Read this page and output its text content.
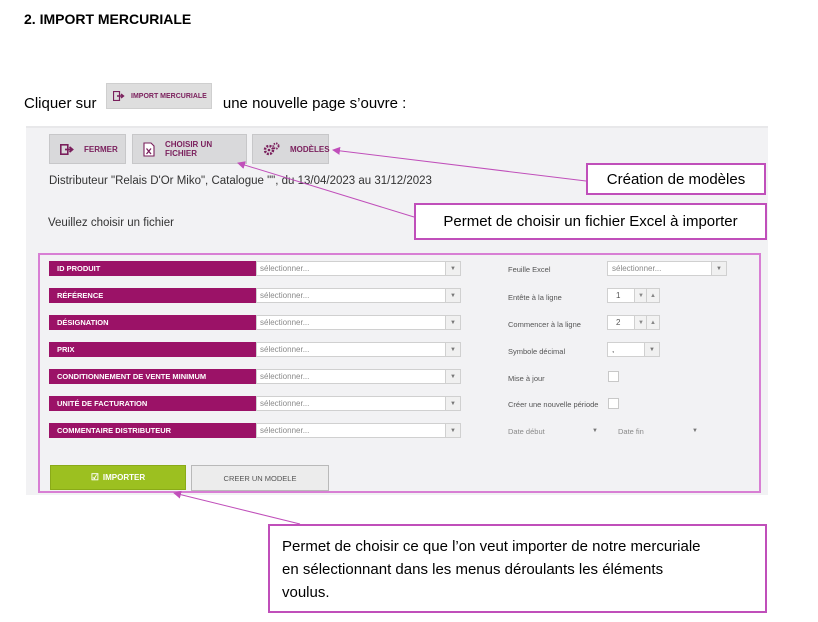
2. IMPORT MERCURIALE
Cliquer sur	une nouvelle page s’ouvre :
IMPORT MERCURIALE
FERMER	CHOISIR UN FICHIER	MODÈLES
Distributeur "Relais D'Or Miko", Catalogue "", du 13/04/2023 au 31/12/2023
Veuillez choisir un fichier
ID PRODUIT	sélectionner...	▼
RÉFÉRENCE	sélectionner...	▼
DÉSIGNATION	sélectionner...	▼
PRIX	sélectionner...	▼
CONDITIONNEMENT DE VENTE MINIMUM	sélectionner...	▼
UNITÉ DE FACTURATION	sélectionner...	▼
COMMENTAIRE DISTRIBUTEUR	sélectionner...	▼
Feuille Excel	sélectionner...	▼
Entête à la ligne	1	▼	▲
Commencer à la ligne	2	▼	▲
Symbole décimal	,	▼
Mise à jour
Créer une nouvelle période
Date début	▼	Date fin	▼
☑ IMPORTER	CREER UN MODELE
Création de modèles
Permet de choisir un fichier Excel à importer
Permet de choisir ce que l’on veut importer de notre mercuriale
en sélectionnant dans les menus déroulants les éléments
voulus.
